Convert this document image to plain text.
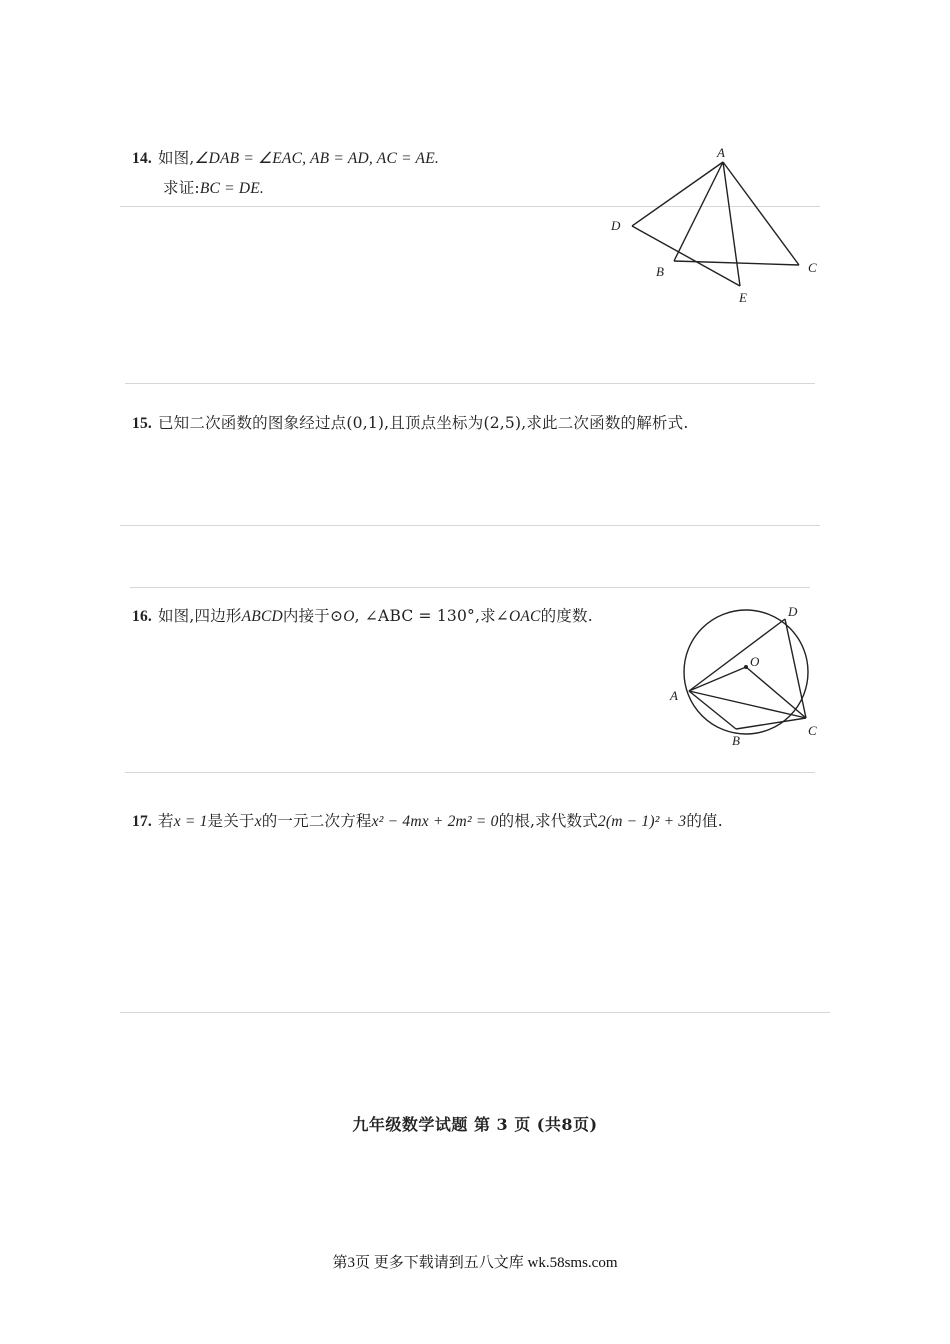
14. 如图,∠DAB = ∠EAC, AB = AD, AC = AE.
求证:BC = DE.
A
D
B	C
E
15. 已知二次函数的图象经过点(0,1),且顶点坐标为(2,5),求此二次函数的解析式.
16. 如图,四边形ABCD内接于⊙O, ∠ABC = 130°,求∠OAC的度数.
O
D
A
B
C
17. 若x = 1是关于x的一元二次方程x² − 4mx + 2m² = 0的根,求代数式2(m − 1)² + 3的值.
九年级数学试题 第 3 页 (共8页)
第3页 更多下载请到五八文库 wk.58sms.com
